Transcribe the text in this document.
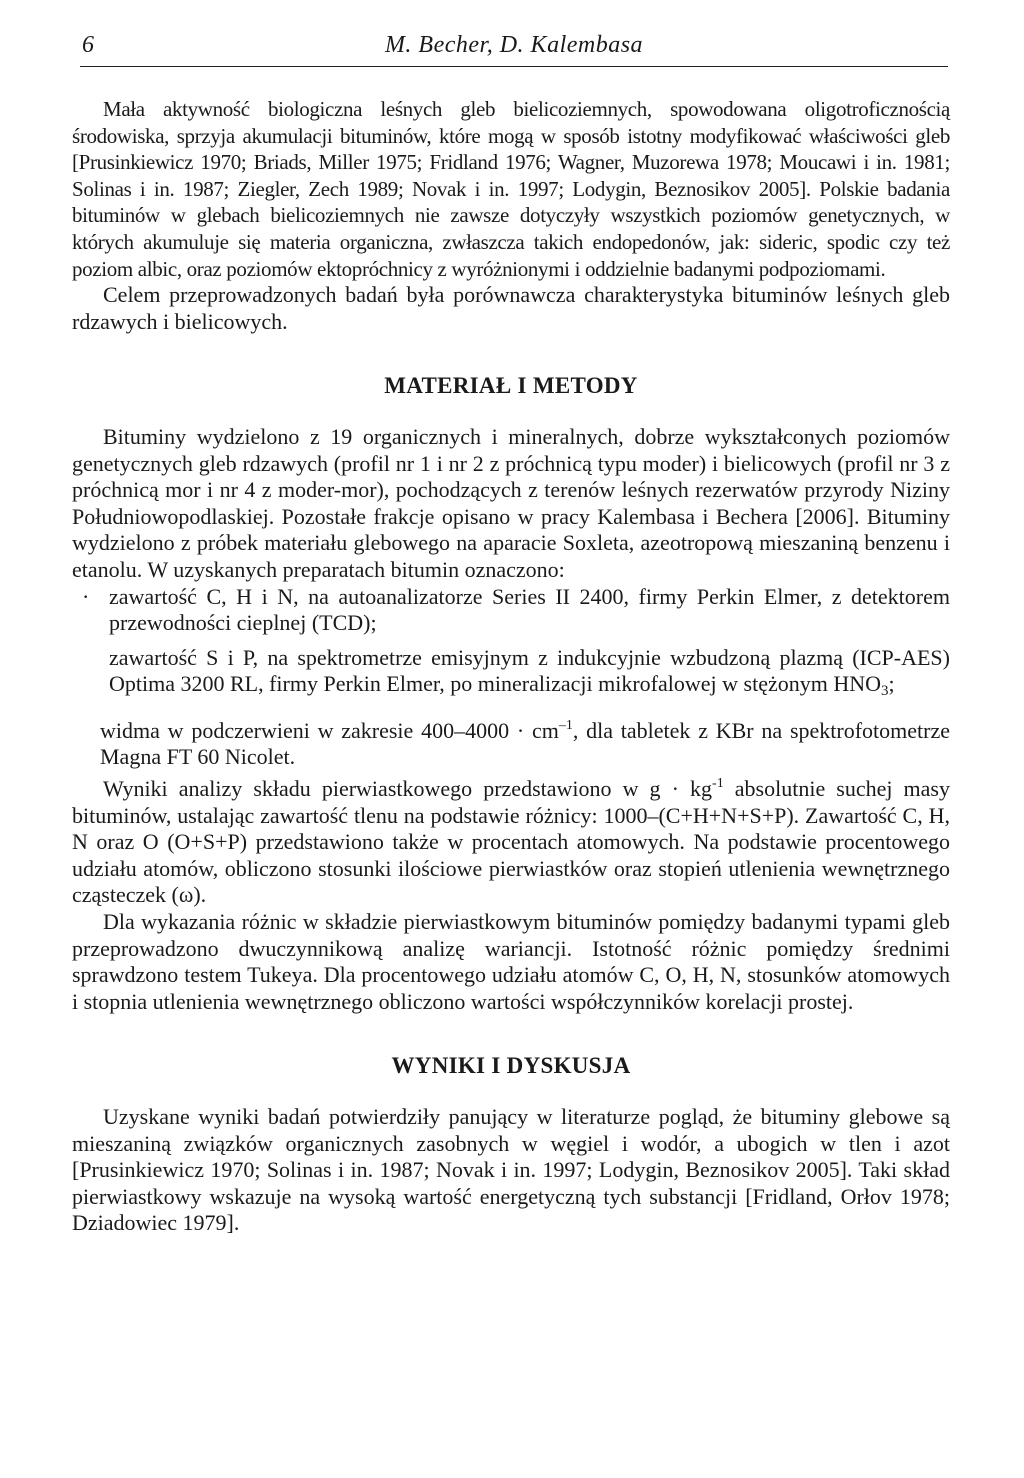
6	M. Becher, D. Kalembasa

Mała aktywność biologiczna leśnych gleb bielicoziemnych, spowodowana oligotroficznością środowiska, sprzyja akumulacji bituminów, które mogą w sposób istotny modyfikować właściwości gleb [Prusinkiewicz 1970; Briads, Miller 1975; Fridland 1976; Wagner, Muzorewa 1978; Moucawi i in. 1981; Solinas i in. 1987; Ziegler, Zech 1989; Novak i in. 1997; Lodygin, Beznosikov 2005]. Polskie badania bituminów w glebach bielicoziemnych nie zawsze dotyczyły wszystkich poziomów genetycznych, w których akumuluje się materia organiczna, zwłaszcza takich endopedonów, jak: sideric, spodic czy też poziom albic, oraz poziomów ektopróchnicy z wyróżnionymi i oddzielnie badanymi podpoziomami.

Celem przeprowadzonych badań była porównawcza charakterystyka bituminów leśnych gleb rdzawych i bielicowych.

MATERIAŁ I METODY

Bituminy wydzielono z 19 organicznych i mineralnych, dobrze wykształconych poziomów genetycznych gleb rdzawych (profil nr 1 i nr 2 z próchnicą typu moder) i bielicowych (profil nr 3 z próchnicą mor i nr 4 z moder-mor), pochodzących z terenów leśnych rezerwatów przyrody Niziny Południowopodlaskiej. Pozostałe frakcje opisano w pracy Kalembasa i Bechera [2006]. Bituminy wydzielono z próbek materiału glebowego na aparacie Soxleta, azeotropową mieszaniną benzenu i etanolu. W uzyskanych preparatach bitumin oznaczono:

· zawartość C, H i N, na autoanalizatorze Series II 2400, firmy Perkin Elmer, z detektorem przewodności cieplnej (TCD);
zawartość S i P, na spektrometrze emisyjnym z indukcyjnie wzbudzoną plazmą (ICP-AES) Optima 3200 RL, firmy Perkin Elmer, po mineralizacji mikrofalowej w stężonym $HNO_3$;
widma w podczerwieni w zakresie $400-4000 \cdot cm^{-1}$, dla tabletek z KBr na spektrofotometrze Magna FT 60 Nicolet.

Wyniki analizy składu pierwiastkowego przedstawiono w $g \cdot kg^{-1}$ absolutnie suchej masy bituminów, ustalając zawartość tlenu na podstawie różnicy: 1000–(C+H+N+S+P). Zawartość C, H, N oraz O (O+S+P) przedstawiono także w procentach atomowych. Na podstawie procentowego udziału atomów, obliczono stosunki ilościowe pierwiastków oraz stopień utlenienia wewnętrznego cząsteczek (ω).

Dla wykazania różnic w składzie pierwiastkowym bituminów pomiędzy badanymi typami gleb przeprowadzono dwuczynnikową analizę wariancji. Istotność różnic pomiędzy średnimi sprawdzono testem Tukeya. Dla procentowego udziału atomów C, O, H, N, stosunków atomowych i stopnia utlenienia wewnętrznego obliczono wartości współczynników korelacji prostej.

WYNIKI I DYSKUSJA

Uzyskane wyniki badań potwierdziły panujący w literaturze pogląd, że bituminy glebowe są mieszaniną związków organicznych zasobnych w węgiel i wodór, a ubogich w tlen i azot [Prusinkiewicz 1970; Solinas i in. 1987; Novak i in. 1997; Lodygin, Beznosikov 2005]. Taki skład pierwiastkowy wskazuje na wysoką wartość energetyczną tych substancji [Fridland, Orłov 1978; Dziadowiec 1979].
